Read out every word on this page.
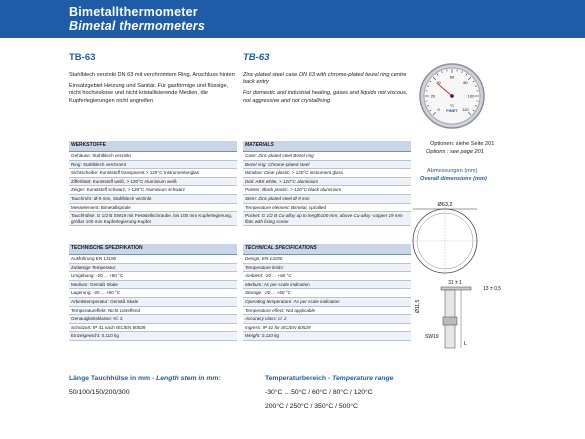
Bimetallthermometer
Bimetal thermometers
TB-63
Stahlblech verzinkt DN 63 mit verchromtem Ring, Anschluss hinten
Einsatzgebiet Heizung und Sanitär. Für gasförmige und flüssige, nicht hochviskose und nicht kristallisierende Medien, die Kupferlegierungen nicht angreifen
WERKSTOFFE
Gehäuse: Stahlblech verzinkt
Ring: Stahlblech verchromt
Sichtscheibe: Kunststoff transparent > 120°C Instrumentenglas
Zifferblatt: Kunststoff weiß, > 120°C Aluminium weiß
Zeiger: Kunststoff schwarz, > 120°C Aluminium schwarz
Tauchrohr: Ø 9 mm, Stahlblech verzinkt
Messelement: Bimetallspirale
Tauchhülse: G 1/2 B SW19 mit Feststellschraube, bis 100 mm Kupferlegierung, größer 100 mm Kupferlegierung-Kupfer
TECHNISCHE SPEZIFIKATION
Ausführung EN 13190
Zulässige Temperatur:
Umgebung: -20 ... +60 °C
Medium: Gemäß Skale
Lagerung: -20 ... +60 °C
Arbeitstemperatur: Gemäß Skale
Temperatureffekt: Nicht zutreffend
Genauigkeitsklasse: Kl. 2
Schutzart: IP 41 nach IEC/EN 60529
Einzelgewicht: 0,110 kg
TB-63
Zinc-plated steel case DN 63 with chrome-plated bezel ring centre back entry
For domestic and industrial heating, gases and liquids not viscous, not aggressive and not crystallising
MATERIALS
Case: Zinc-plated steel Bezel ring
Bezel ring: Chrome-plated steel
Window: Clear plastic; > 120°C instrument glass
Dial: ABS white, > 120°C aluminium
Pointer: Black plastic, > 120°C black aluminium
Stem: Zinc-plated steel Ø 9 mm
Temperature element: Bimetal, spiralled
Pocket: G 1/2 B Cu-alloy up to length100 mm, above Cu-alloy -copper 19 mm flats with fixing screw
TECHNICAL SPECIFICATIONS
Design: EN 13190
Temperature limits:
Ambient: -20 ... +60 °C
Medium: As per scale indication
Storage: -20 ... +60 °C
Operating temperature: As per scale indication
Temperature effect: Not applicable
Accuracy class: cl. 2
Ingress: IP 41 for IEC/EN 60529
Weight: 0.110 kg
0
20
40
60
80
100
120
FIMET
°C
Optionen: siehe Seite 201
Options : see page 201
Abmessungen (mm)
Overall dimensions (mm)
Ø63,2
31 ± 1
13 ± 0,5
SW19
Ø11,5
L
Länge Tauchhülse in mm - Length stem in mm:
50/100/150/200/300
Temperaturbereich - Temperature range
-30°C …50°C / 60°C / 80°C / 120°C
200°C / 250°C / 350°C / 500°C
